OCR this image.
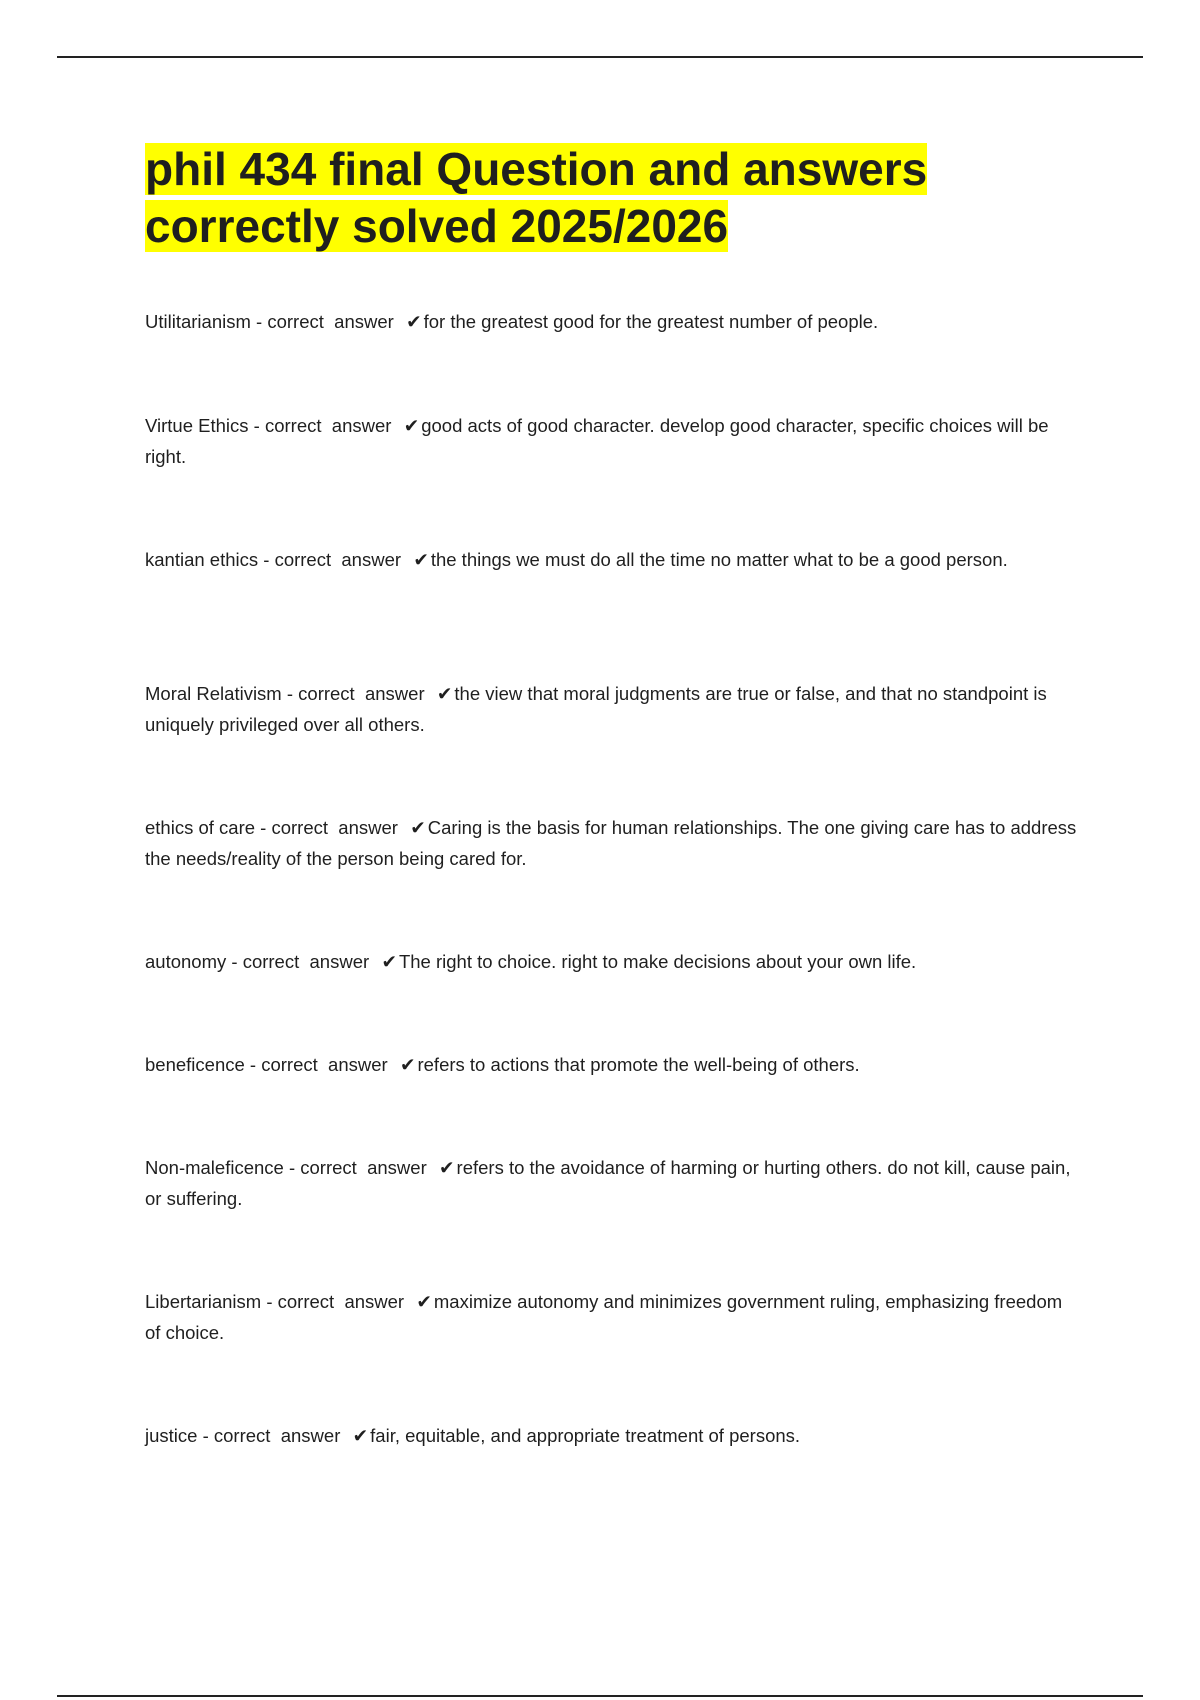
phil 434 final Question and answers correctly solved 2025/2026
Utilitarianism - correct  answer  ✔ for the greatest good for the greatest number of people.
Virtue Ethics - correct  answer  ✔ good acts of good character. develop good character, specific choices will be right.
kantian ethics - correct  answer  ✔ the things we must do all the time no matter what to be a good person.
Moral Relativism - correct  answer  ✔ the view that moral judgments are true or false, and that no standpoint is uniquely privileged over all others.
ethics of care - correct  answer  ✔ Caring is the basis for human relationships. The one giving care has to address the needs/reality of the person being cared for.
autonomy - correct  answer  ✔ The right to choice. right to make decisions about your own life.
beneficence - correct  answer  ✔ refers to actions that promote the well-being of others.
Non-maleficence - correct  answer  ✔ refers to the avoidance of harming or hurting others. do not kill, cause pain, or suffering.
Libertarianism - correct  answer  ✔ maximize autonomy and minimizes government ruling, emphasizing freedom of choice.
justice - correct  answer  ✔ fair, equitable, and appropriate treatment of persons.
